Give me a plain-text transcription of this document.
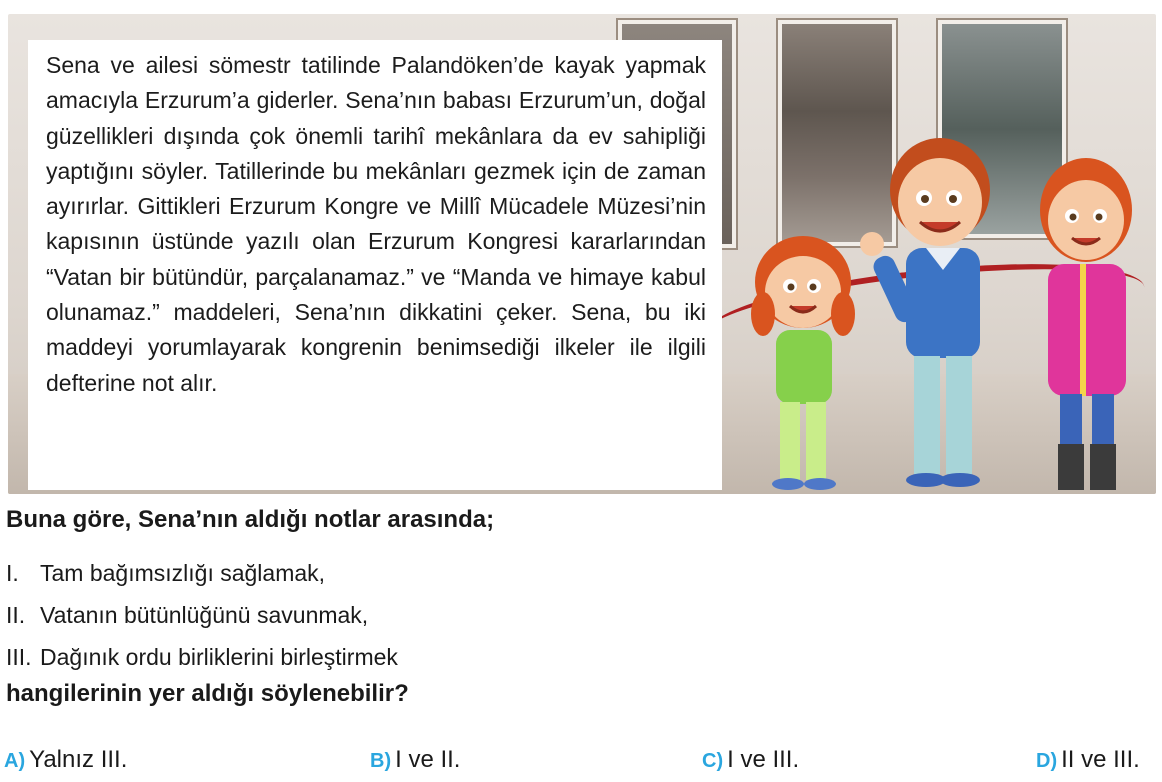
Sena ve ailesi sömestr tatilinde Palandöken’de kayak yapmak amacıyla Erzurum’a giderler. Sena’nın babası Erzurum’un, doğal güzellikleri dışında çok önemli tarihî mekânlara da ev sahipliği yaptığını söyler. Tatillerinde bu mekânları gezmek için de zaman ayırırlar. Gittikleri Erzurum Kongre ve Millî Mücadele Müzesi’nin kapısının üstünde yazılı olan Erzurum Kongresi kararlarından “Vatan bir bütündür, parçalanamaz.” ve “Manda ve himaye kabul olunamaz.” maddeleri, Sena’nın dikkatini çeker. Sena, bu iki maddeyi yorumlayarak kongrenin benimsediği ilkeler ile ilgili defterine not alır.
Buna göre, Sena’nın aldığı notlar arasında;
I. Tam bağımsızlığı sağlamak,
II. Vatanın bütünlüğünü savunmak,
III. Dağınık ordu birliklerini birleştirmek
hangilerinin yer aldığı söylenebilir?
A) Yalnız III.	B) I ve II.	C) I ve III.	D) II ve III.
